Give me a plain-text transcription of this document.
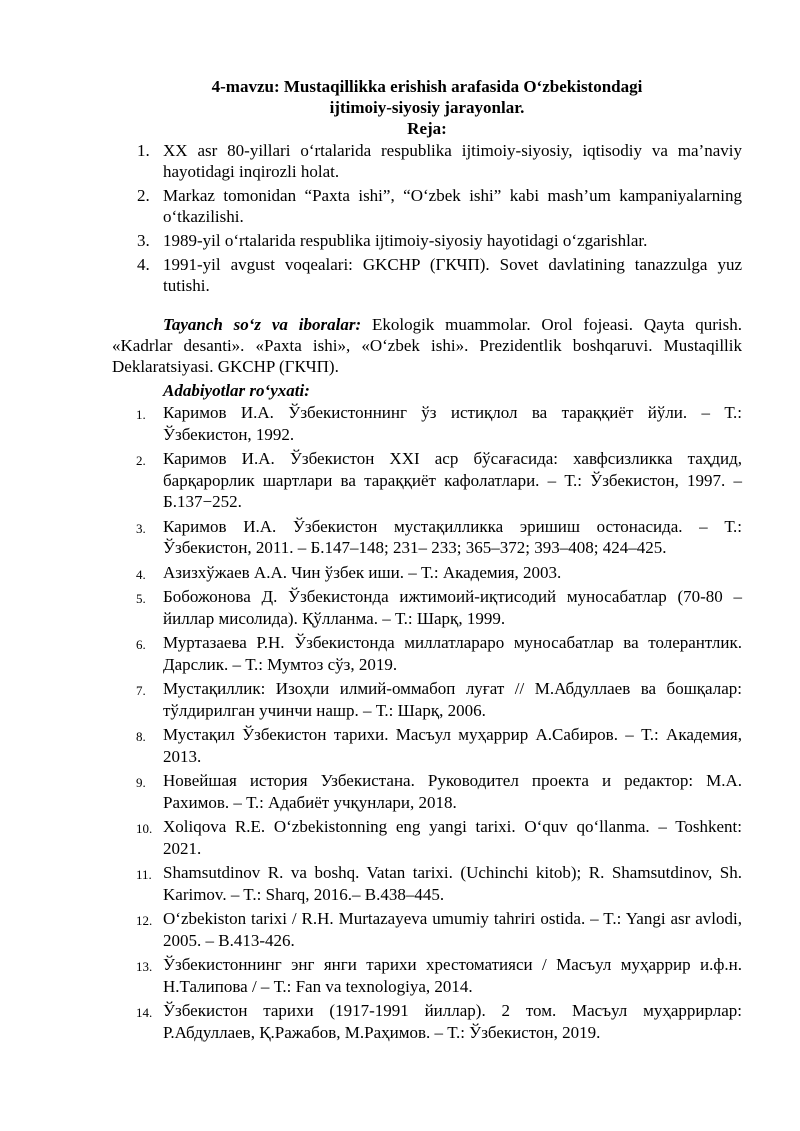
4-mavzu: Mustaqillikka erishish arafasida O‘zbekistondagi
ijtimoiy-siyosiy jarayonlar.
Reja:
1. XX asr 80-yillari o‘rtalarida respublika ijtimoiy-siyosiy, iqtisodiy va ma’naviy hayotidagi inqirozli holat.
2. Markaz tomonidan “Paxta ishi”, “O‘zbek ishi” kabi mash’um kampaniyalarning o‘tkazilishi.
3. 1989-yil o‘rtalarida respublika ijtimoiy-siyosiy hayotidagi o‘zgarishlar.
4. 1991-yil avgust voqealari: GKCHP (ГКЧП). Sovet davlatining tanazzulga yuz tutishi.

Tayanch so‘z va iboralar: Ekologik muammolar. Orol fojeasi. Qayta qurish. «Kadrlar desanti». «Paxta ishi», «O‘zbek ishi». Prezidentlik boshqaruvi. Mustaqillik Deklaratsiyasi. GKCHP (ГКЧП).

Adabiyotlar ro‘yxati:
1. Каримов И.А. Ўзбекистоннинг ўз истиқлол ва тараққиёт йўли. – Т.: Ўзбекистон, 1992.
2. Каримов И.А. Ўзбекистон XXI аср бўсағасида: хавфсизликка таҳдид, барқарорлик шартлари ва тараққиёт кафолатлари. – Т.: Ўзбекистон, 1997. – Б.137−252.
3. Каримов И.А. Ўзбекистон мустақилликка эришиш остонасида. – Т.: Ўзбекистон, 2011. – Б.147–148; 231– 233; 365–372; 393–408; 424–425.
4. Азизхўжаев А.А. Чин ўзбек иши. – Т.: Академия, 2003.
5. Бобожонова Д. Ўзбекистонда ижтимоий-иқтисодий муносабатлар (70-80 – йиллар мисолида). Қўлланма. – Т.: Шарқ, 1999.
6. Муртазаева Р.Н. Ўзбекистонда миллатлараро муносабатлар ва толерантлик. Дарслик. – Т.: Мумтоз сўз, 2019.
7. Мустақиллик: Изоҳли илмий-оммабоп луғат // М.Абдуллаев ва бошқалар: тўлдирилган учинчи нашр. – Т.: Шарқ, 2006.
8. Мустақил Ўзбекистон тарихи. Масъул муҳаррир А.Сабиров. – Т.: Академия, 2013.
9. Новейшая история Узбекистана. Руководител проекта и редактор: М.А. Рахимов. – Т.: Адабиёт учқунлари, 2018.
10. Xoliqova R.E. O‘zbekistonning eng yangi tarixi. O‘quv qo‘llanma. – Toshkent: 2021.
11. Shamsutdinov R. va boshq. Vatan tarixi. (Uchinchi kitob); R. Shamsutdinov, Sh. Karimov. – T.: Sharq, 2016.– B.438–445.
12. O‘zbekiston tarixi / R.H. Murtazayeva umumiy tahriri ostida. – T.: Yangi asr avlodi, 2005. – B.413-426.
13. Ўзбекистоннинг энг янги тарихи хрестоматияси / Масъул муҳаррир и.ф.н. Н.Талипова / – Т.: Fan va texnologiya, 2014.
14. Ўзбекистон тарихи (1917-1991 йиллар). 2 том. Масъул муҳаррирлар: Р.Абдуллаев, Қ.Ражабов, М.Раҳимов. – Т.: Ўзбекистон, 2019.
